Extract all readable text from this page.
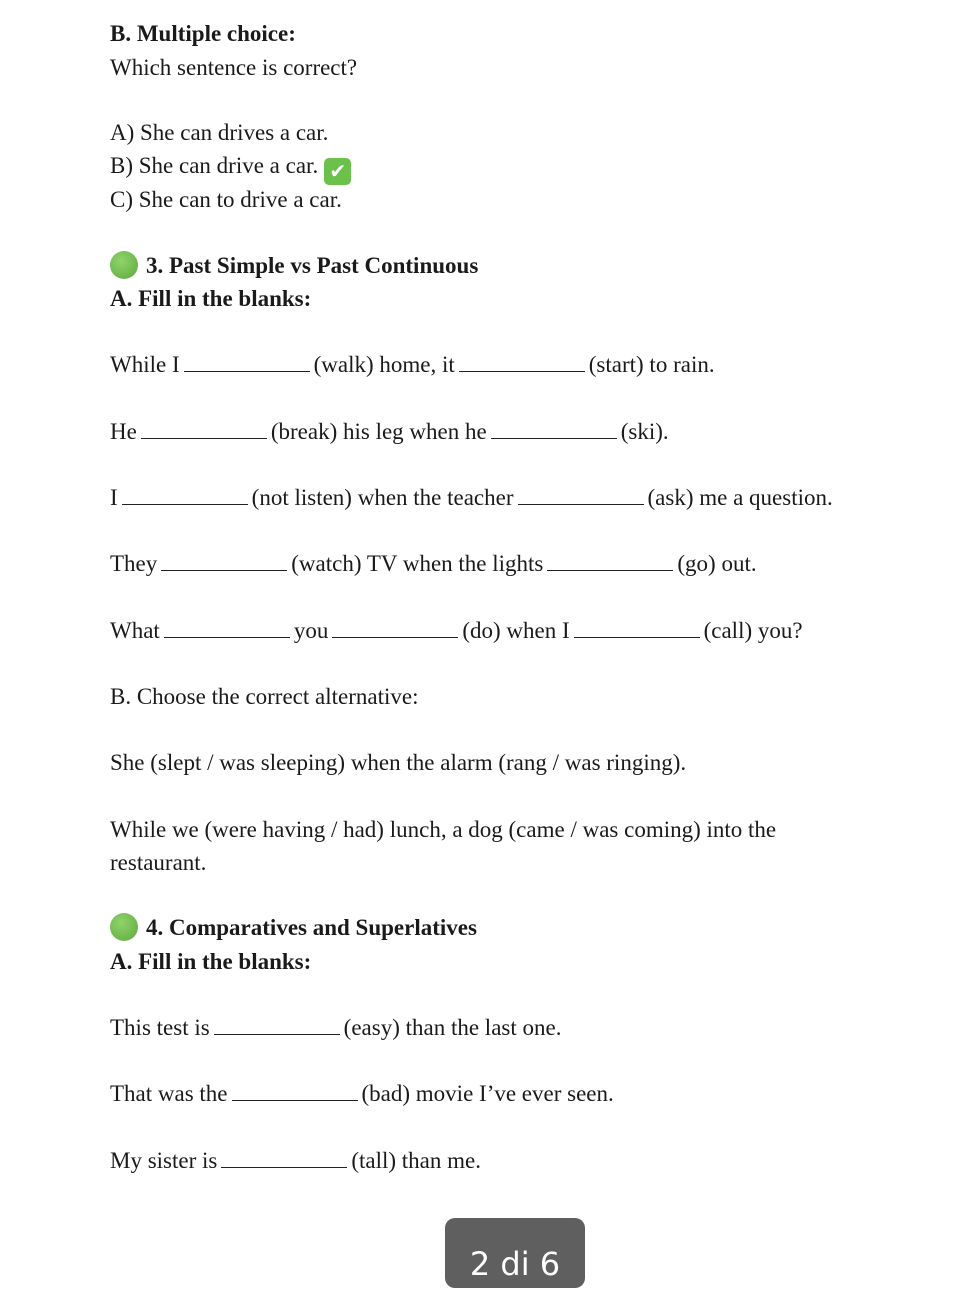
B. Multiple choice:
Which sentence is correct?
A) She can drives a car.
B) She can drive a car. ✔
C) She can to drive a car.
3. Past Simple vs Past Continuous
A. Fill in the blanks:
While I	(walk) home, it	(start) to rain.
He	(break) his leg when he	(ski).
I	(not listen) when the teacher	(ask) me a question.
They	(watch) TV when the lights	(go) out.
What	you	(do) when I	(call) you?
B. Choose the correct alternative:
She (slept / was sleeping) when the alarm (rang / was ringing).
While we (were having / had) lunch, a dog (came / was coming) into the
restaurant.
4. Comparatives and Superlatives
A. Fill in the blanks:
This test is	(easy) than the last one.
That was the	(bad) movie I’ve ever seen.
My sister is	(tall) than me.
2 di 6
